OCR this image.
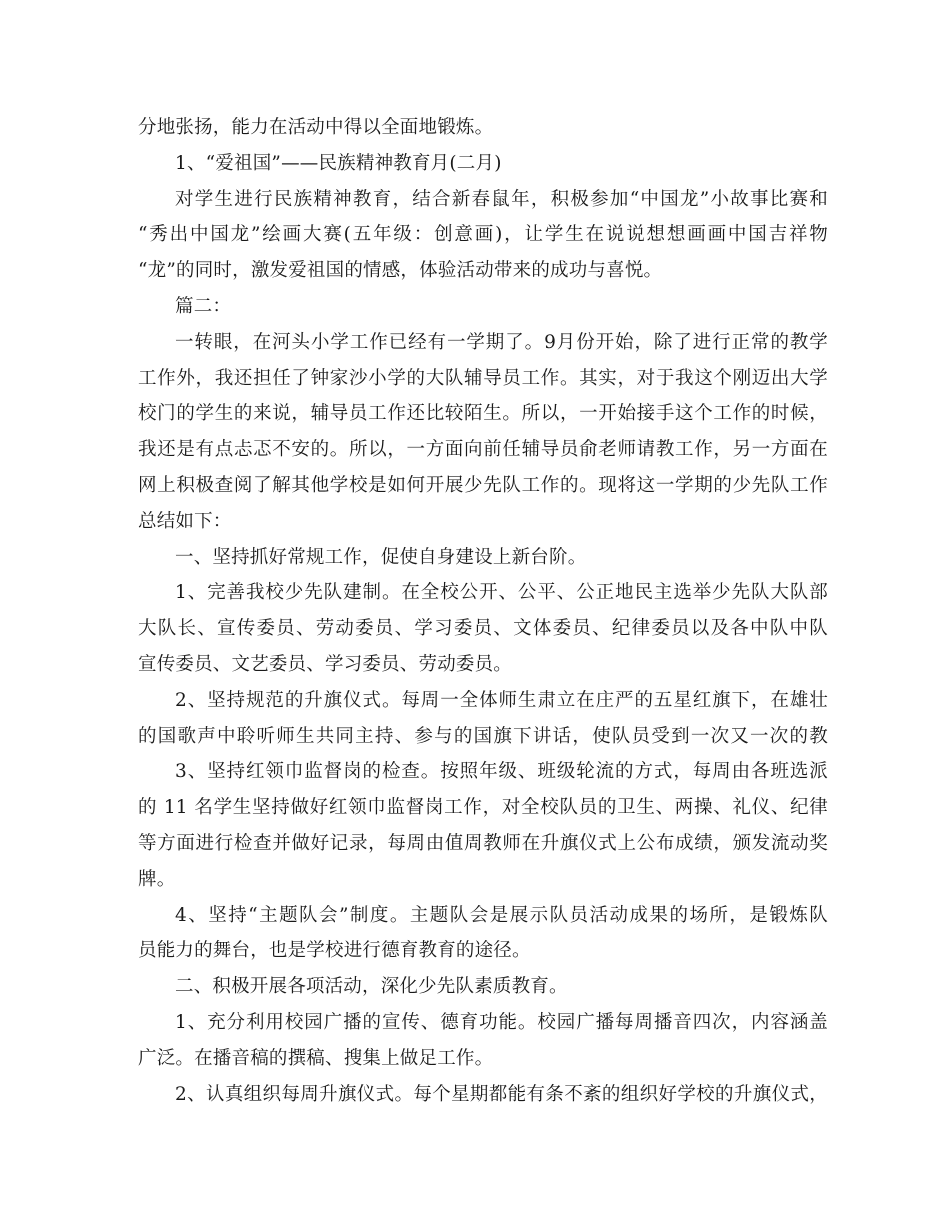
分地张扬，能力在活动中得以全面地锻炼。
1、“爱祖国”——民族精神教育月(二月)
对学生进行民族精神教育，结合新春鼠年，积极参加“中国龙”小故事比赛和
“秀出中国龙”绘画大赛(五年级：创意画)，让学生在说说想想画画中国吉祥物
“龙”的同时，激发爱祖国的情感，体验活动带来的成功与喜悦。
篇二：
一转眼，在河头小学工作已经有一学期了。9月份开始，除了进行正常的教学
工作外，我还担任了钟家沙小学的大队辅导员工作。其实，对于我这个刚迈出大学
校门的学生的来说，辅导员工作还比较陌生。所以，一开始接手这个工作的时候，
我还是有点忐忑不安的。所以，一方面向前任辅导员俞老师请教工作，另一方面在
网上积极查阅了解其他学校是如何开展少先队工作的。现将这一学期的少先队工作
总结如下：
一、坚持抓好常规工作，促使自身建设上新台阶。
1、完善我校少先队建制。在全校公开、公平、公正地民主选举少先队大队部
大队长、宣传委员、劳动委员、学习委员、文体委员、纪律委员以及各中队中队
宣传委员、文艺委员、学习委员、劳动委员。
2、坚持规范的升旗仪式。每周一全体师生肃立在庄严的五星红旗下，在雄壮
的国歌声中聆听师生共同主持、参与的国旗下讲话，使队员受到一次又一次的教
3、坚持红领巾监督岗的检查。按照年级、班级轮流的方式，每周由各班选派
的 11 名学生坚持做好红领巾监督岗工作，对全校队员的卫生、两操、礼仪、纪律
等方面进行检查并做好记录，每周由值周教师在升旗仪式上公布成绩，颁发流动奖
牌。
4、坚持“主题队会”制度。主题队会是展示队员活动成果的场所，是锻炼队
员能力的舞台，也是学校进行德育教育的途径。
二、积极开展各项活动，深化少先队素质教育。
1、充分利用校园广播的宣传、德育功能。校园广播每周播音四次，内容涵盖
广泛。在播音稿的撰稿、搜集上做足工作。
2、认真组织每周升旗仪式。每个星期都能有条不紊的组织好学校的升旗仪式，
